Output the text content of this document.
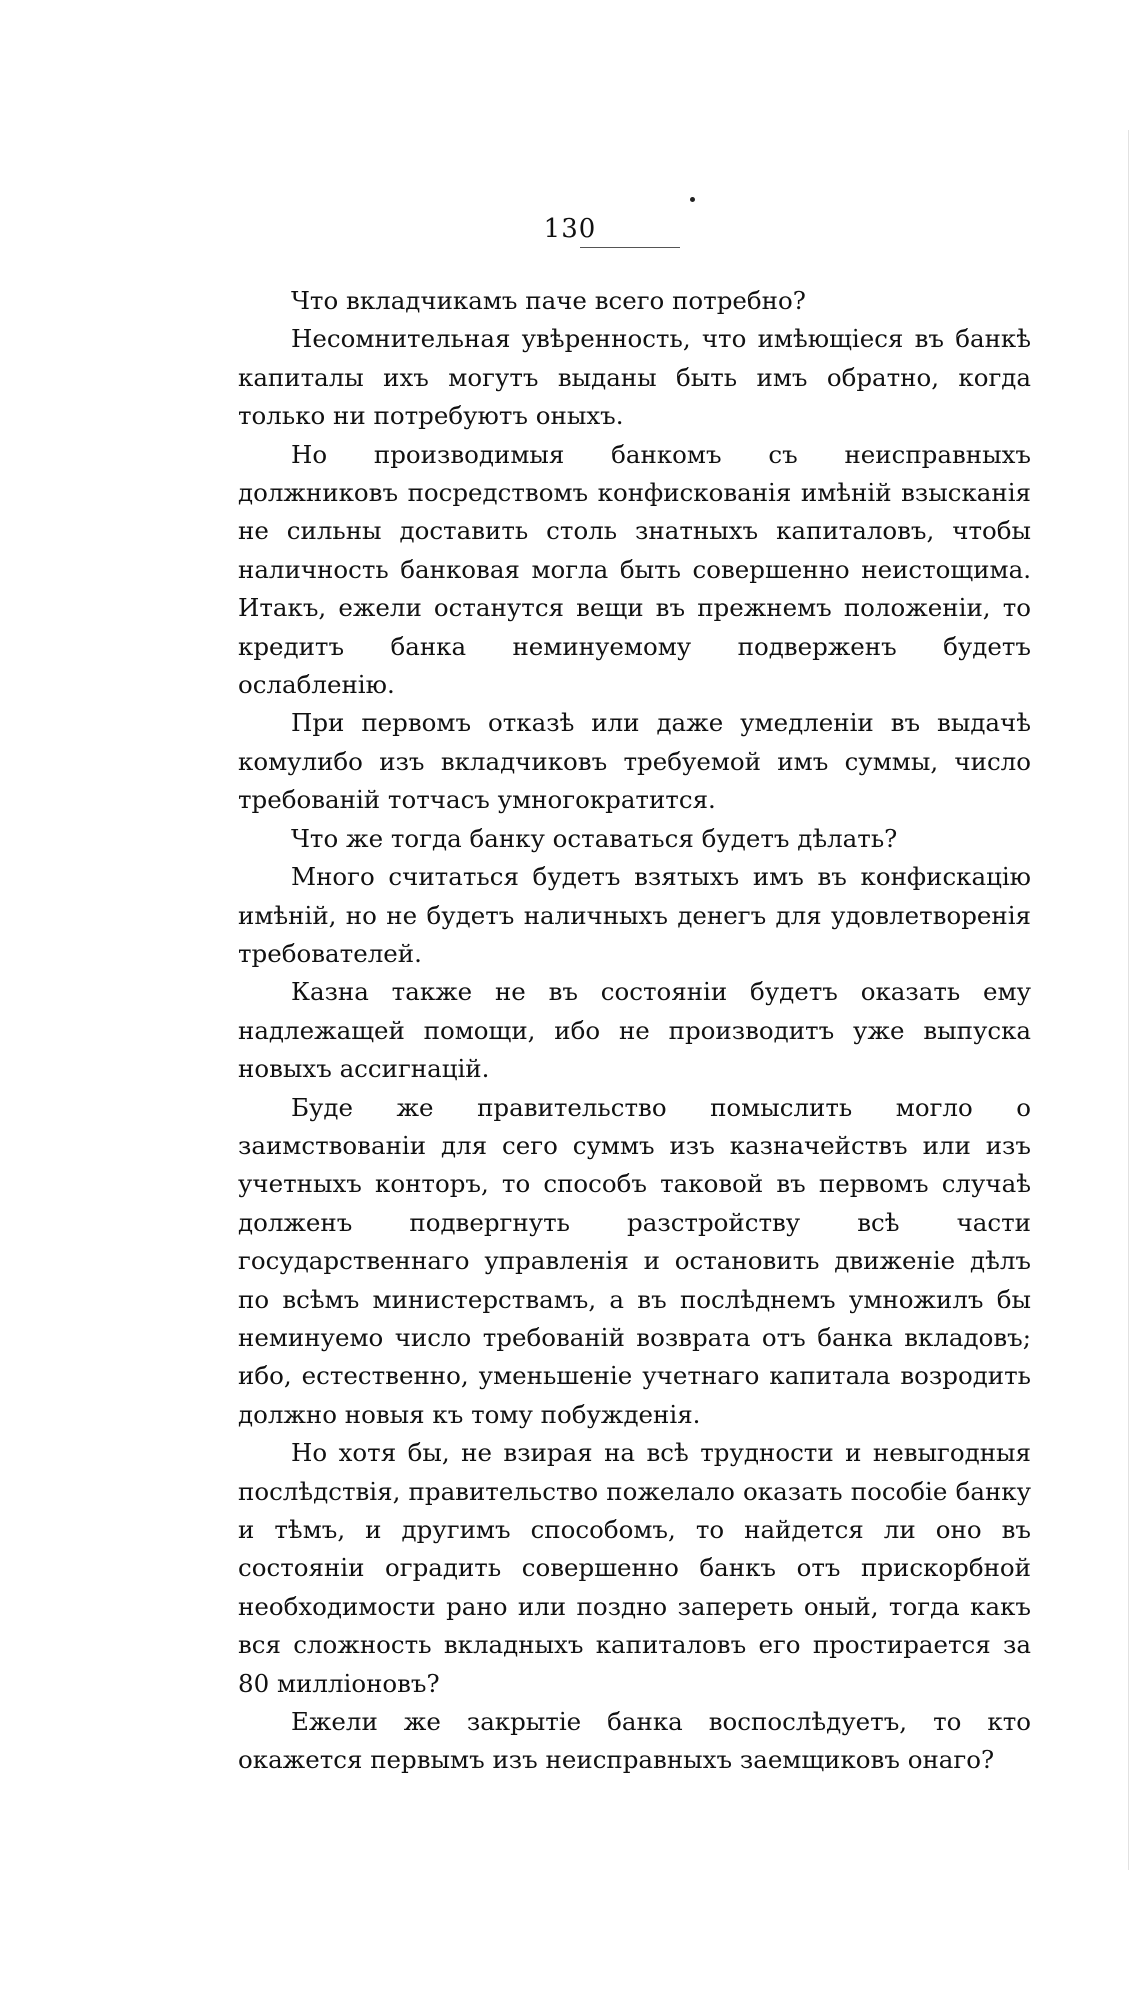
130

Что вкладчикамъ паче всего потребно?

Несомнительная увѣренность, что имѣющіеся въ банкѣ капиталы ихъ могутъ выданы быть имъ обратно, когда только ни потребуютъ оныхъ.

Но производимыя банкомъ съ неисправныхъ должниковъ посредствомъ конфискованія имѣній взысканія не сильны доставить столь знатныхъ капиталовъ, чтобы наличность банковая могла быть совершенно неистощима. Итакъ, ежели останутся вещи въ прежнемъ положеніи, то кредитъ банка неминуемому подверженъ будетъ ослабленію.

При первомъ отказѣ или даже умедленіи въ выдачѣ комулибо изъ вкладчиковъ требуемой имъ суммы, число требованій тотчасъ умногократится.

Что же тогда банку оставаться будетъ дѣлать?

Много считаться будетъ взятыхъ имъ въ конфискацію имѣній, но не будетъ наличныхъ денегъ для удовлетворенія требователей.

Казна также не въ состояніи будетъ оказать ему надлежащей помощи, ибо не производитъ уже выпуска новыхъ ассигнацій.

Буде же правительство помыслить могло о заимствованіи для сего суммъ изъ казначействъ или изъ учетныхъ конторъ, то способъ таковой въ первомъ случаѣ долженъ подвергнуть разстройству всѣ части государственнаго управленія и остановить движеніе дѣлъ по всѣмъ министерствамъ, а въ послѣднемъ умножилъ бы неминуемо число требованій возврата отъ банка вкладовъ; ибо, естественно, уменьшеніе учетнаго капитала возродить должно новыя къ тому побужденія.

Но хотя бы, не взирая на всѣ трудности и невыгодныя послѣдствія, правительство пожелало оказать пособіе банку и тѣмъ, и другимъ способомъ, то найдется ли оно въ состояніи оградить совершенно банкъ отъ прискорбной необходимости рано или поздно запереть оный, тогда какъ вся сложность вкладныхъ капиталовъ его простирается за 80 милліоновъ?

Ежели же закрытіе банка воспослѣдуетъ, то кто окажется первымъ изъ неисправныхъ заемщиковъ онаго?
